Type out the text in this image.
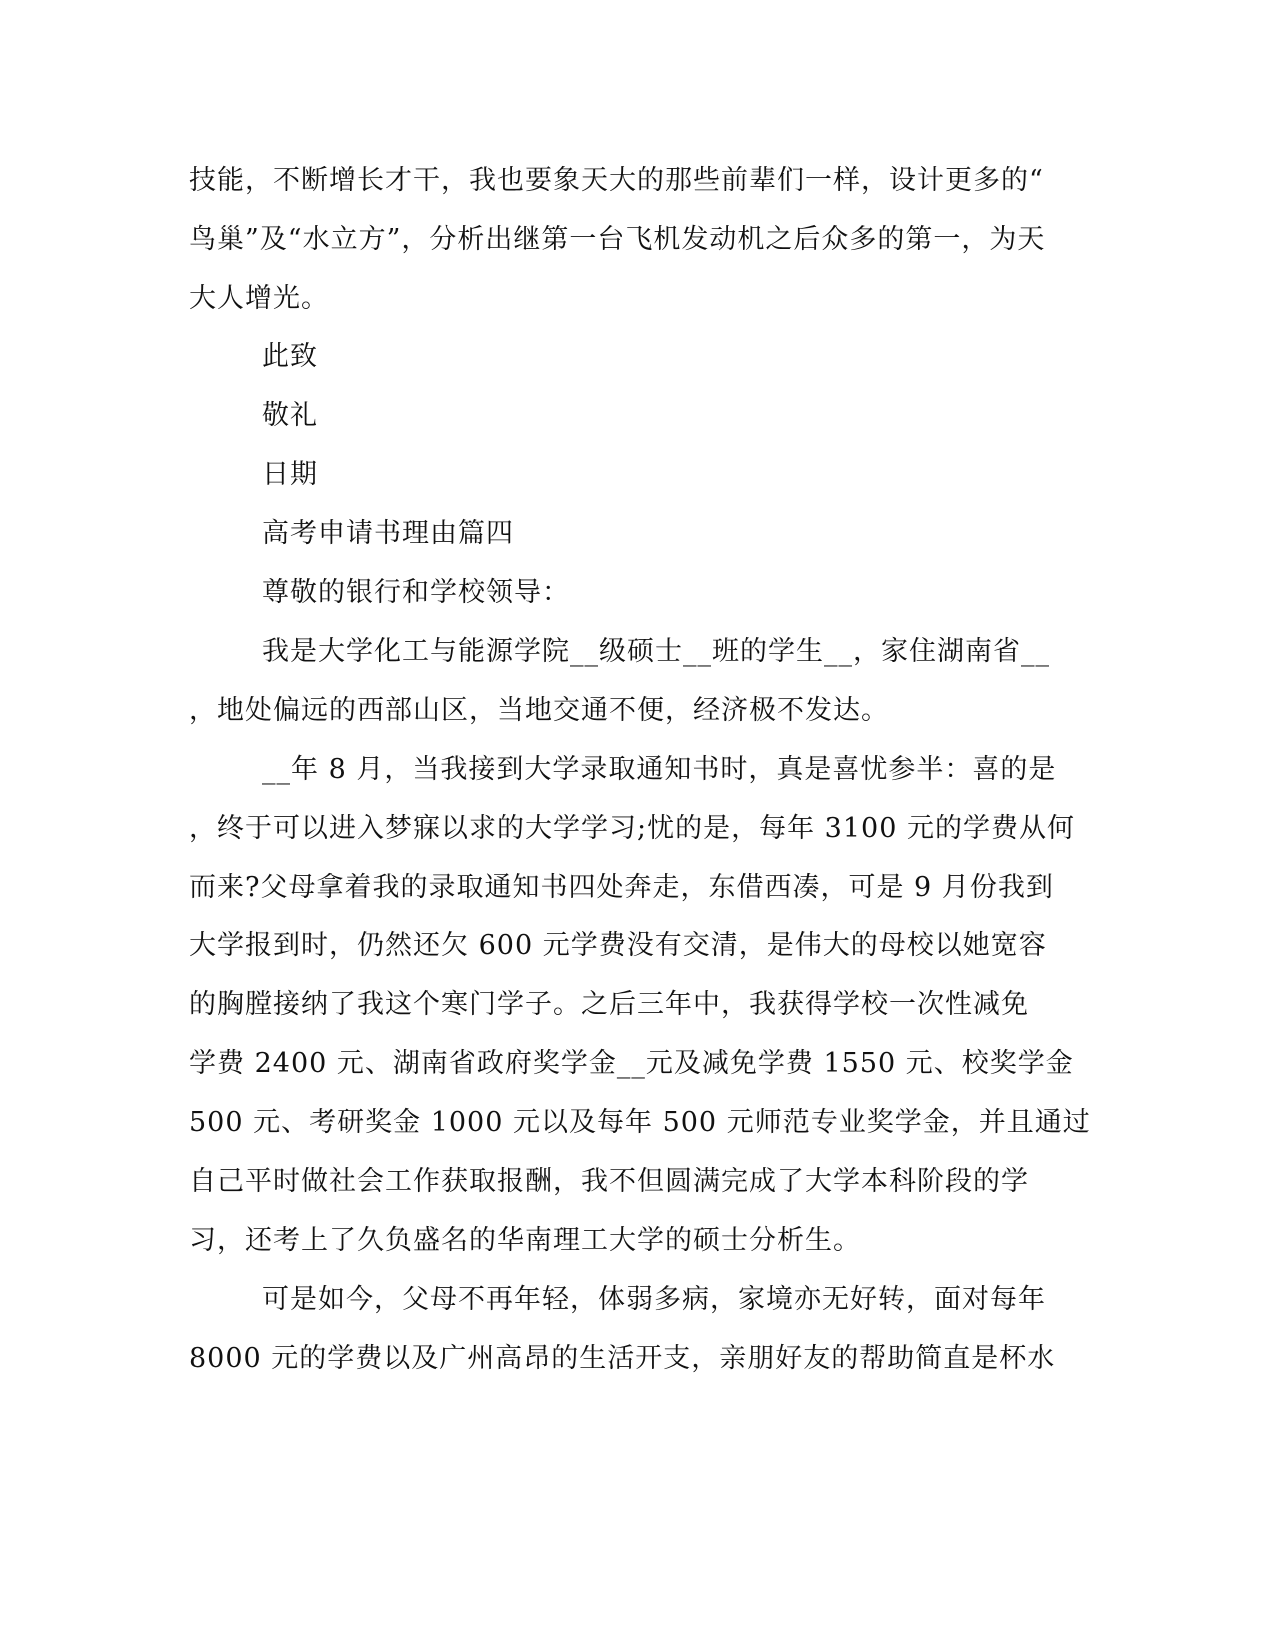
技能，不断增长才干，我也要象天大的那些前辈们一样，设计更多的“
鸟巢”及“水立方”，分析出继第一台飞机发动机之后众多的第一，为天
大人增光。
此致
敬礼
日期
高考申请书理由篇四
尊敬的银行和学校领导：
我是大学化工与能源学院__级硕士__班的学生__，家住湖南省__
，地处偏远的西部山区，当地交通不便，经济极不发达。
__年 8 月，当我接到大学录取通知书时，真是喜忧参半：喜的是
，终于可以进入梦寐以求的大学学习;忧的是，每年 3100 元的学费从何
而来?父母拿着我的录取通知书四处奔走，东借西凑，可是 9 月份我到
大学报到时，仍然还欠 600 元学费没有交清，是伟大的母校以她宽容
的胸膛接纳了我这个寒门学子。之后三年中，我获得学校一次性减免
学费 2400 元、湖南省政府奖学金__元及减免学费 1550 元、校奖学金
500 元、考研奖金 1000 元以及每年 500 元师范专业奖学金，并且通过
自己平时做社会工作获取报酬，我不但圆满完成了大学本科阶段的学
习，还考上了久负盛名的华南理工大学的硕士分析生。
可是如今，父母不再年轻，体弱多病，家境亦无好转，面对每年
8000 元的学费以及广州高昂的生活开支，亲朋好友的帮助简直是杯水
